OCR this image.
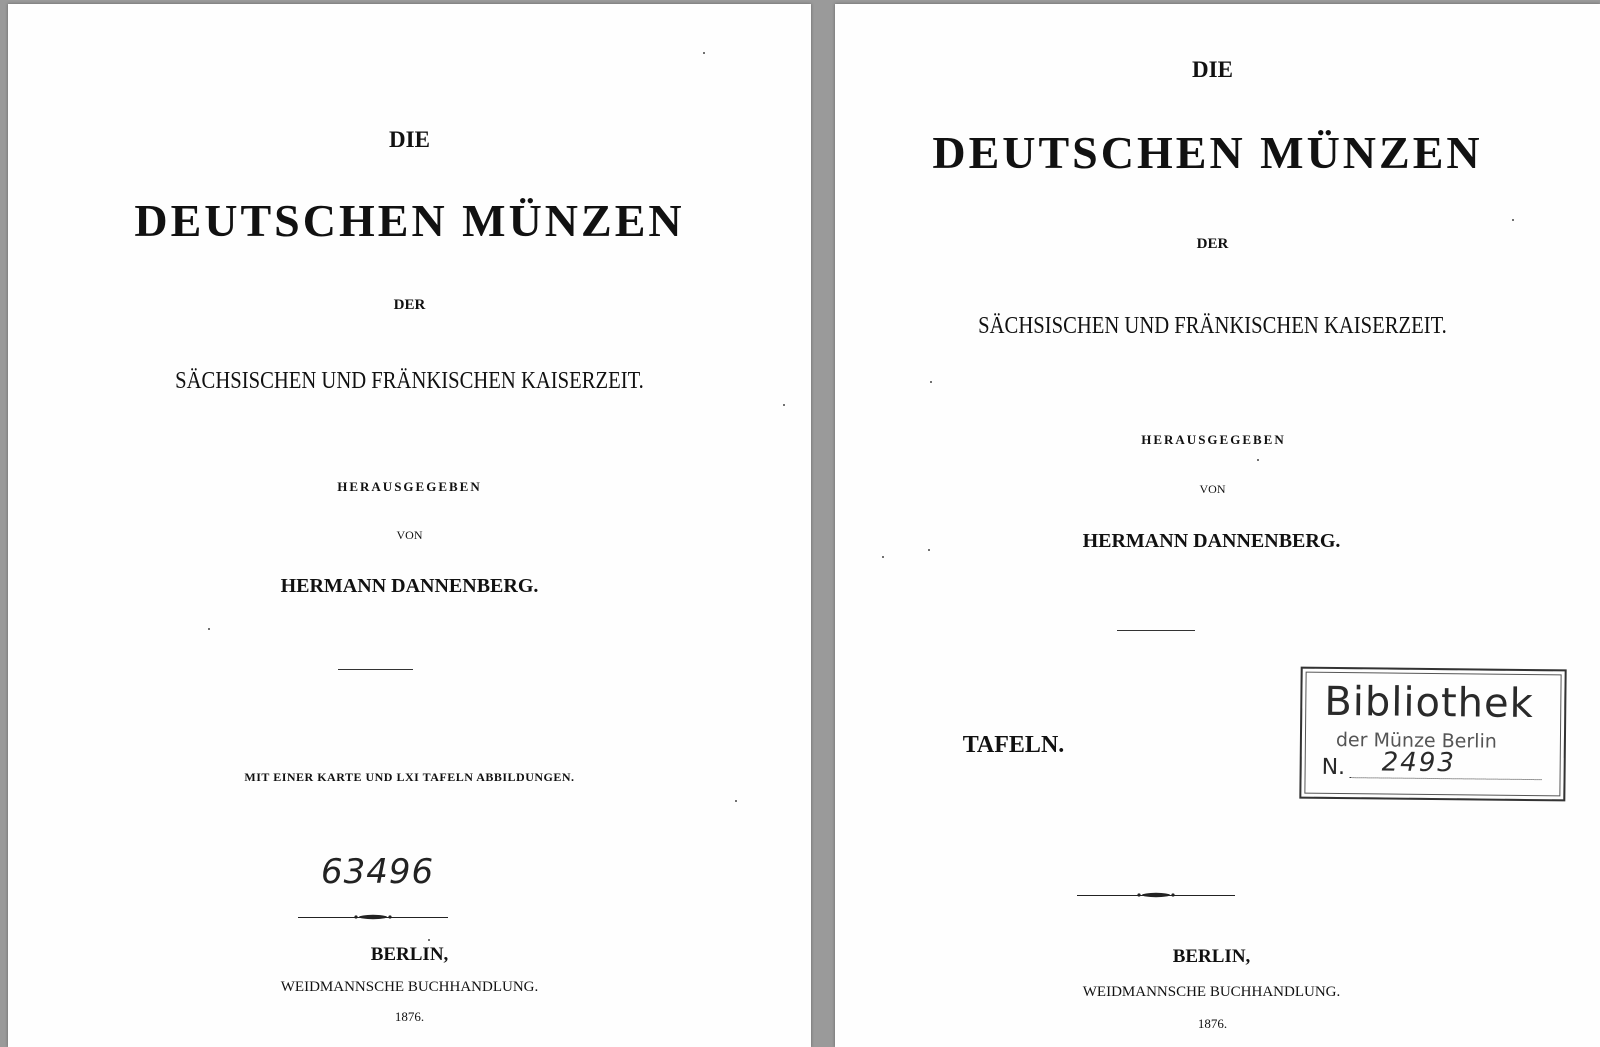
DIE
DEUTSCHEN MÜNZEN
DER
SÄCHSISCHEN UND FRÄNKISCHEN KAISERZEIT.
HERAUSGEGEBEN
VON
HERMANN DANNENBERG.
MIT EINER KARTE UND LXI TAFELN ABBILDUNGEN.
63496
BERLIN,
WEIDMANNSCHE BUCHHANDLUNG.
1876.
DIE
DEUTSCHEN MÜNZEN
DER
SÄCHSISCHEN UND FRÄNKISCHEN KAISERZEIT.
HERAUSGEGEBEN
VON
HERMANN DANNENBERG.
TAFELN.
Bibliothek
der Münze Berlin
N. 2493
BERLIN,
WEIDMANNSCHE BUCHHANDLUNG.
1876.
